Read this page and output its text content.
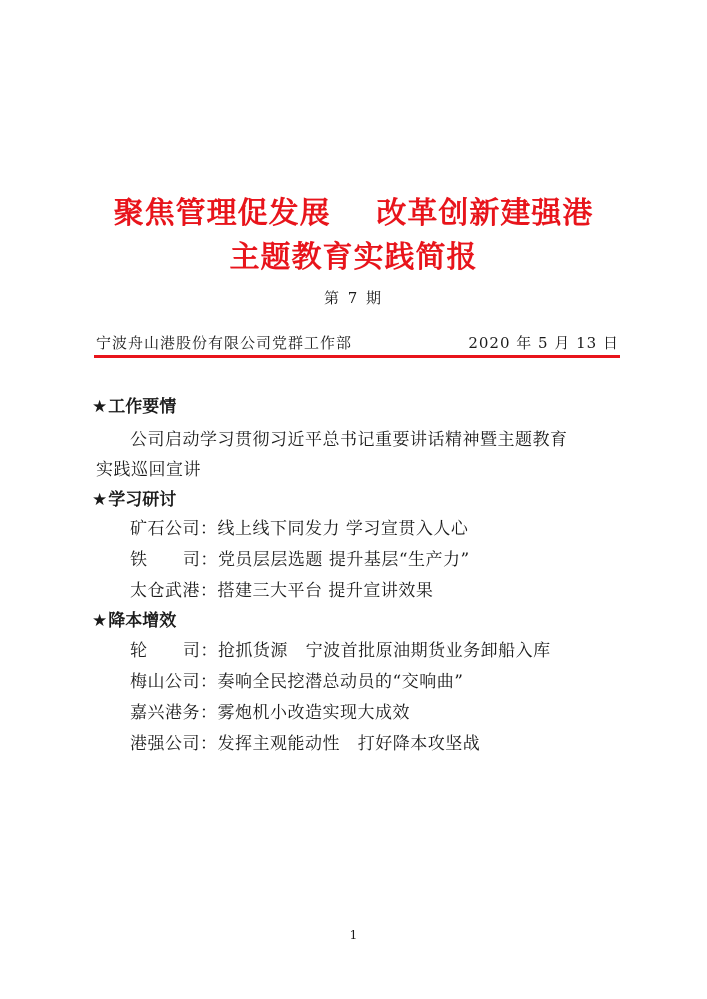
聚焦管理促发展    改革创新建强港
主题教育实践简报
第 7 期
宁波舟山港股份有限公司党群工作部	2020 年 5 月 13 日
★工作要情
公司启动学习贯彻习近平总书记重要讲话精神暨主题教育
实践巡回宣讲
★学习研讨
矿石公司：线上线下同发力 学习宣贯入人心
铁      司：党员层层选题 提升基层“生产力”
太仓武港：搭建三大平台 提升宣讲效果
★降本增效
轮      司：抢抓货源   宁波首批原油期货业务卸船入库
梅山公司：奏响全民挖潜总动员的“交响曲”
嘉兴港务：雾炮机小改造实现大成效
港强公司：发挥主观能动性   打好降本攻坚战
1
